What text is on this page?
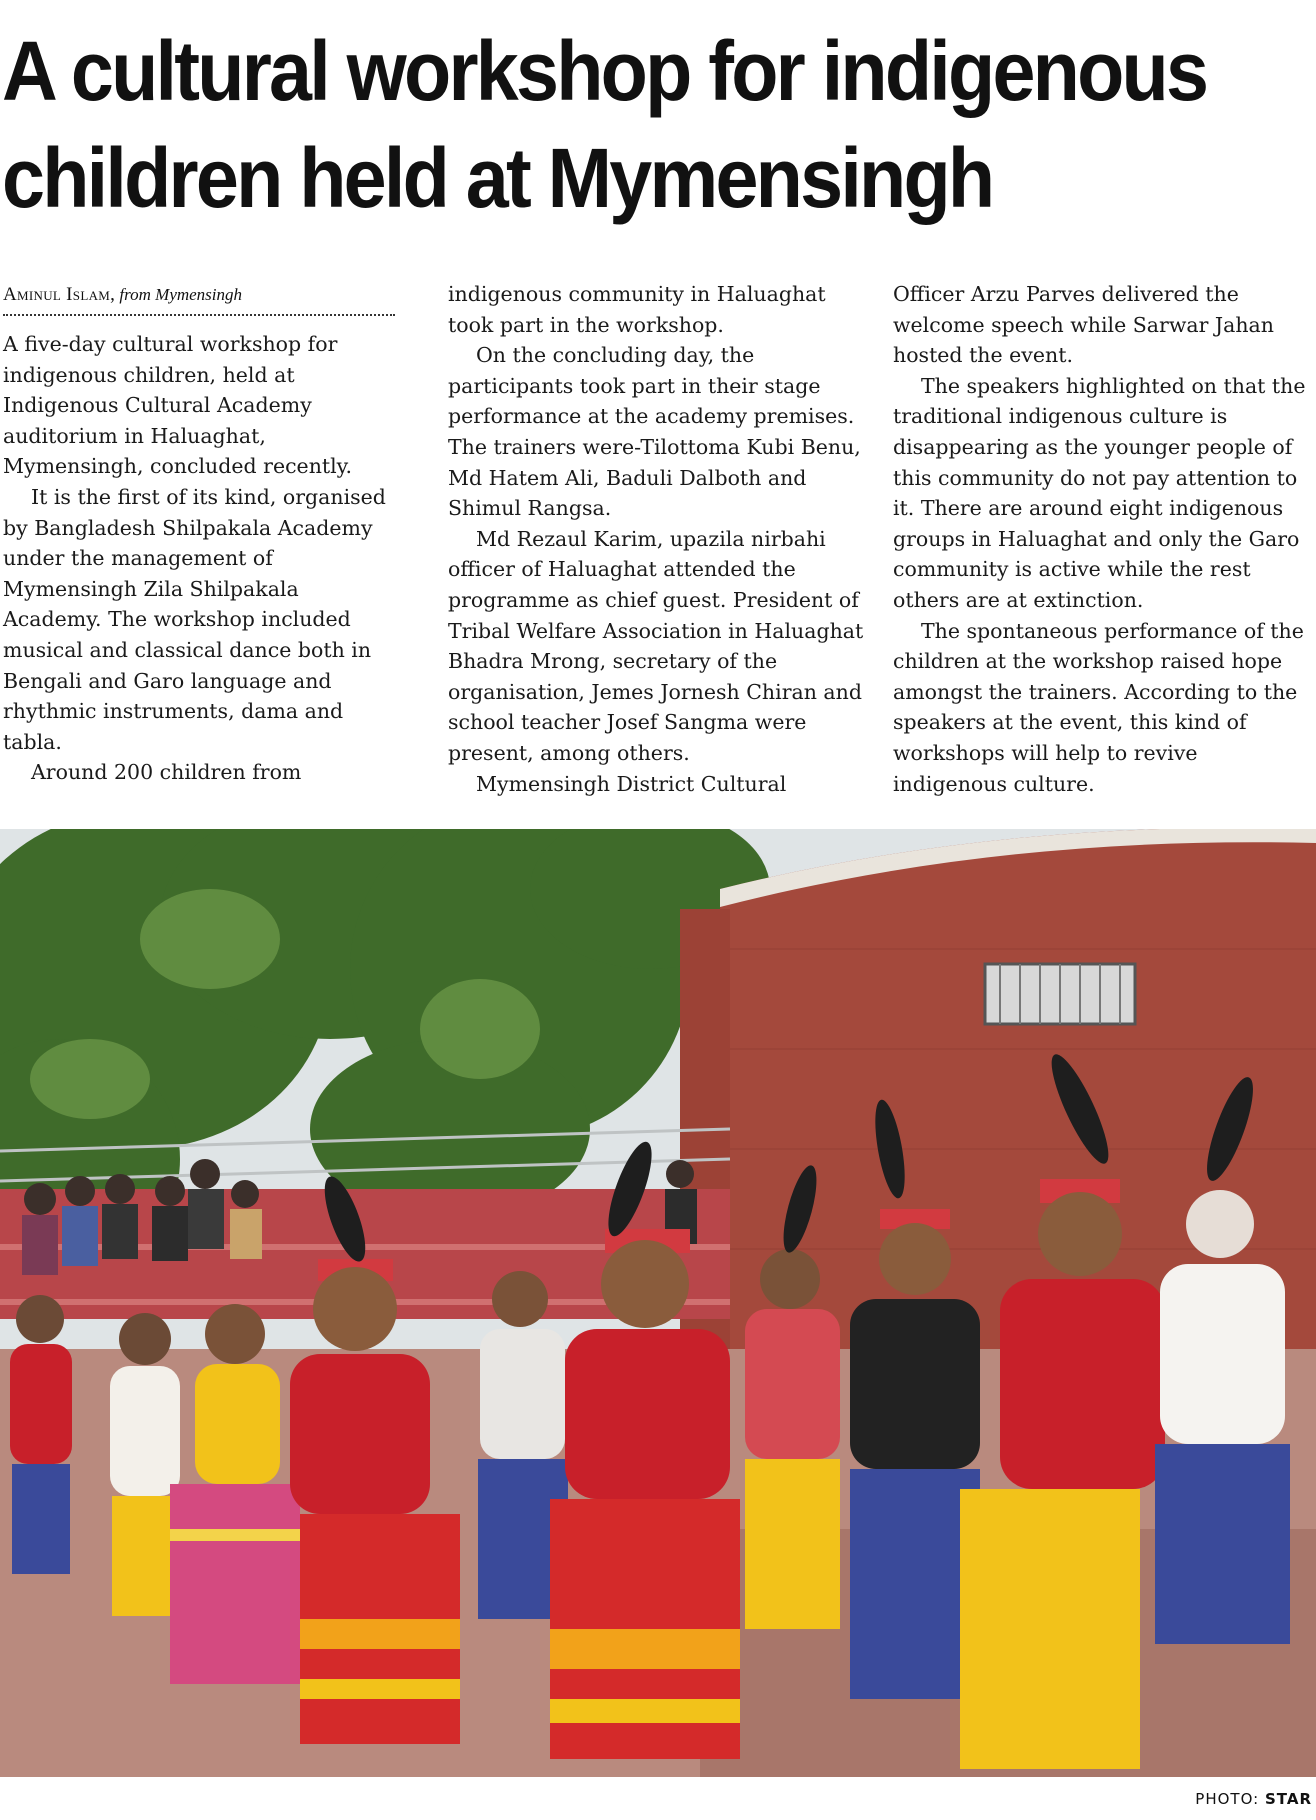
A cultural workshop for indigenous
children held at Mymensingh
Aminul Islam, from Mymensingh

A five-day cultural workshop for indigenous children, held at Indigenous Cultural Academy auditorium in Haluaghat, Mymensingh, concluded recently.

It is the first of its kind, organised by Bangladesh Shilpakala Academy under the management of Mymensingh Zila Shilpakala Academy. The workshop included musical and classical dance both in Bengali and Garo language and rhythmic instruments, dama and tabla.

Around 200 children from

indigenous community in Haluaghat took part in the workshop.

On the concluding day, the participants took part in their stage performance at the academy premises. The trainers were-Tilottoma Kubi Benu, Md Hatem Ali, Baduli Dalboth and Shimul Rangsa.

Md Rezaul Karim, upazila nirbahi officer of Haluaghat attended the programme as chief guest. President of Tribal Welfare Association in Haluaghat Bhadra Mrong, secretary of the organisation, Jemes Jornesh Chiran and school teacher Josef Sangma were present, among others.

Mymensingh District Cultural

Officer Arzu Parves delivered the welcome speech while Sarwar Jahan hosted the event.

The speakers highlighted on that the traditional indigenous culture is disappearing as the younger people of this community do not pay attention to it. There are around eight indigenous groups in Haluaghat and only the Garo community is active while the rest others are at extinction.

The spontaneous performance of the children at the workshop raised hope amongst the trainers. According to the speakers at the event, this kind of workshops will help to revive indigenous culture.

PHOTO: STAR
